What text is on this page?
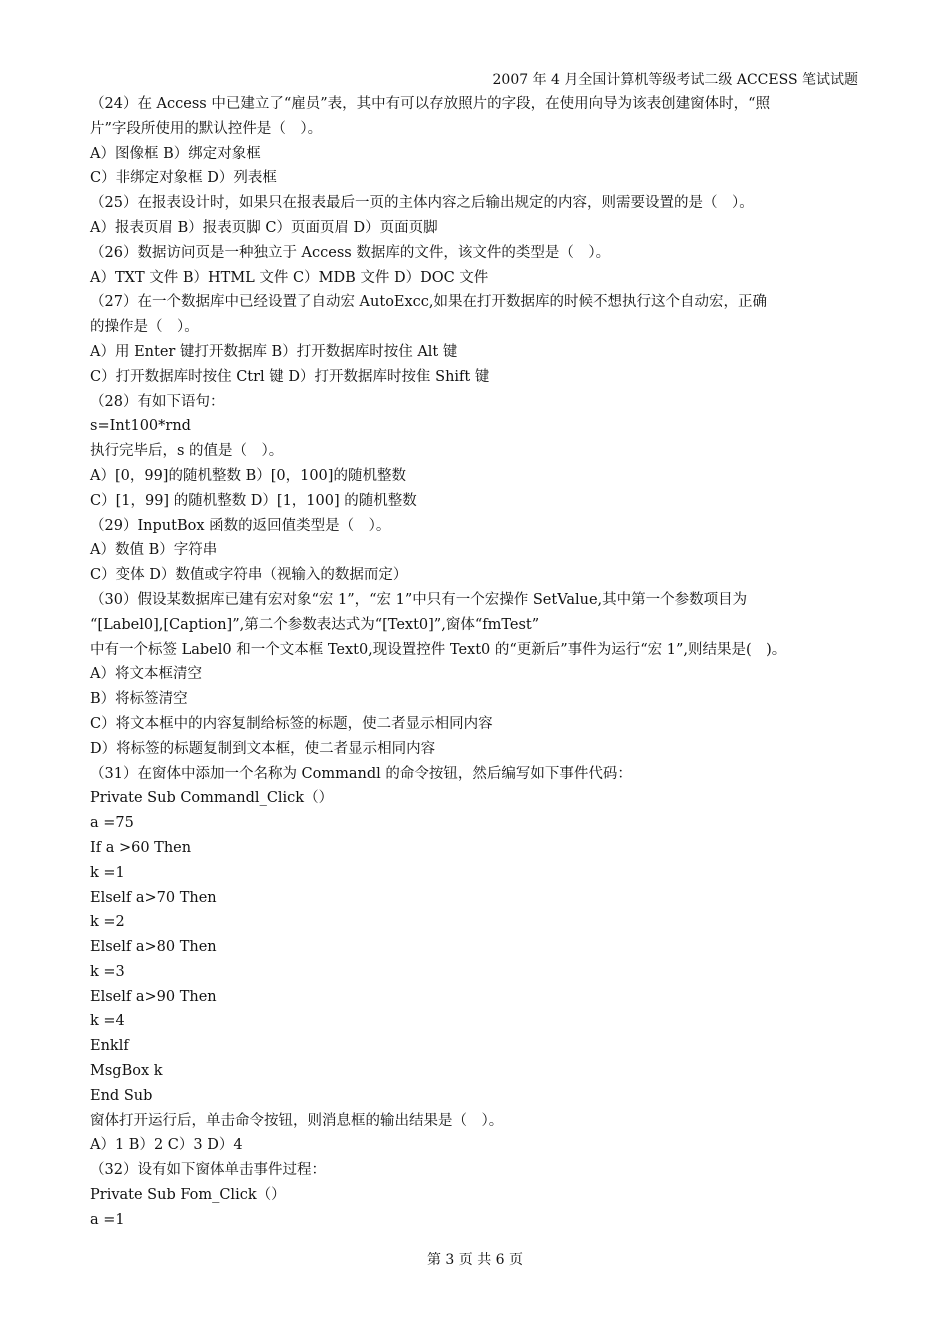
2007 年 4 月全国计算机等级考试二级 ACCESS 笔试试题
（24）在 Access 中已建立了“雇员”表，其中有可以存放照片的字段，在使用向导为该表创建窗体时，“照
片”字段所使用的默认控件是（　）。
A）图像框 B）绑定对象框
C）非绑定对象框 D）列表框
（25）在报表设计时，如果只在报表最后一页的主体内容之后输出规定的内容，则需要设置的是（　）。
A）报表页眉 B）报表页脚 C）页面页眉 D）页面页脚
（26）数据访问页是一种独立于 Access 数据库的文件，该文件的类型是（　）。
A）TXT 文件 B）HTML 文件 C）MDB 文件 D）DOC 文件
（27）在一个数据库中已经设置了自动宏 AutoExcc,如果在打开数据库的时候不想执行这个自动宏，正确
的操作是（　）。
A）用 Enter 键打开数据库 B）打开数据库时按住 Alt 键
C）打开数据库时按住 Ctrl 键 D）打开数据库时按隹 Shift 键
（28）有如下语句：
s=Int100*rnd
执行完毕后，s 的值是（　）。
A）[0，99]的随机整数 B）[0，100]的随机整数
C）[1，99] 的随机整数 D）[1，100] 的随机整数
（29）InputBox 函数的返回值类型是（　）。
A）数值 B）字符串
C）变体 D）数值或字符串（视输入的数据而定）
（30）假设某数据库已建有宏对象“宏 1”，“宏 1”中只有一个宏操作 SetValue,其中第一个参数项目为
“[Label0],[Caption]”,第二个参数表达式为“[Text0]”,窗体“fmTest”
中有一个标签 Label0 和一个文本框 Text0,现设置控件 Text0 的“更新后”事件为运行“宏 1”,则结果是(　)。
A）将文本框清空
B）将标签清空
C）将文本框中的内容复制给标签的标题，使二者显示相同内容
D）将标签的标题复制到文本框，使二者显示相同内容
（31）在窗体中添加一个名称为 Commandl 的命令按钮，然后编写如下事件代码：
Private Sub Commandl_Click（）
a =75
If a >60 Then
k =1
Elself a>70 Then
k =2
Elself a>80 Then
k =3
Elself a>90 Then
k =4
Enklf
MsgBox k
End Sub
窗体打开运行后，单击命令按钮，则消息框的输出结果是（　）。
A）1 B）2 C）3 D）4
（32）设有如下窗体单击事件过程：
Private Sub Fom_Click（）
a =1
第 3 页 共 6 页
